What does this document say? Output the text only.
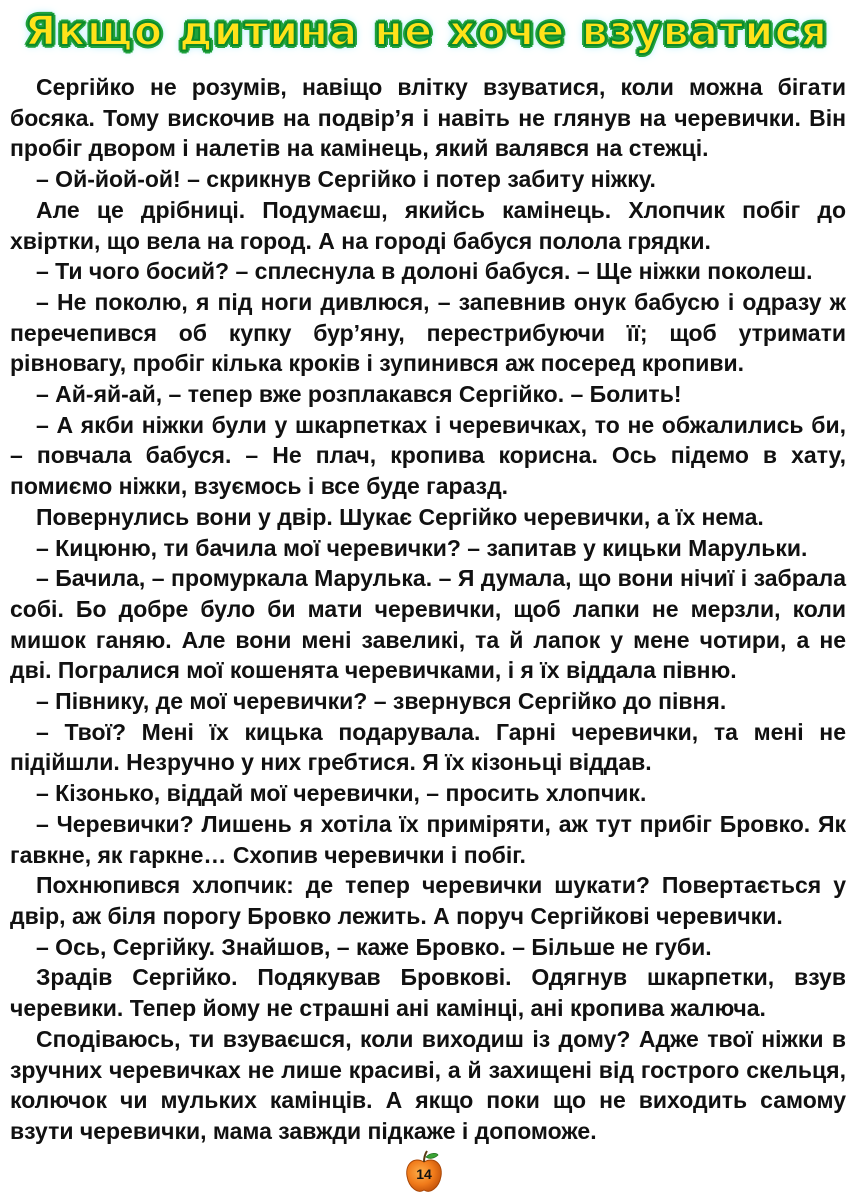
Якщо дитина не хоче взуватися

Сергійко не розумів, навіщо влітку взуватися, коли можна бігати босяка. Тому вискочив на подвір’я і навіть не глянув на черевички. Він пробіг двором і налетів на камінець, який валявся на стежці.

– Ой-йой-ой! – скрикнув Сергійко і потер забиту ніжку.

Але це дрібниці. Подумаєш, якийсь камінець. Хлопчик побіг до хвіртки, що вела на город. А на городі бабуся полола грядки.

– Ти чого босий? – сплеснула в долоні бабуся. – Ще ніжки поколеш.

– Не поколю, я під ноги дивлюся, – запевнив онук бабусю і одразу ж перечепився об купку бур’яну, перестрибуючи її; щоб утримати рівновагу, пробіг кілька кроків і зупинився аж посеред кропиви.

– Ай-яй-ай, – тепер вже розплакався Сергійко. – Болить!

– А якби ніжки були у шкарпетках і черевичках, то не обжалились би, – повчала бабуся. – Не плач, кропива корисна. Ось підемо в хату, помиємо ніжки, взуємось і все буде гаразд.

Повернулись вони у двір. Шукає Сергійко черевички, а їх нема.

– Кицюню, ти бачила мої черевички? – запитав у кицьки Марульки.

– Бачила, – промуркала Марулька. – Я думала, що вони нічиї і забрала собі. Бо добре було би мати черевички, щоб лапки не мерзли, коли мишок ганяю. Але вони мені завеликі, та й лапок у мене чотири, а не дві. Погралися мої кошенята черевичками, і я їх віддала півню.

– Півнику, де мої черевички? – звернувся Сергійко до півня.

– Твої? Мені їх кицька подарувала. Гарні черевички, та мені не підійшли. Незручно у них гребтися. Я їх кізоньці віддав.

– Кізонько, віддай мої черевички, – просить хлопчик.

– Черевички? Лишень я хотіла їх приміряти, аж тут прибіг Бровко. Як гавкне, як гаркне… Схопив черевички і побіг.

Похнюпився хлопчик: де тепер черевички шукати? Повертається у двір, аж біля порогу Бровко лежить. А поруч Сергійкові черевички.

– Ось, Сергійку. Знайшов, – каже Бровко. – Більше не губи.

Зрадів Сергійко. Подякував Бровкові. Одягнув шкарпетки, взув черевики. Тепер йому не страшні ані камінці, ані кропива жалюча.

Сподіваюсь, ти взуваєшся, коли виходиш із дому? Адже твої ніжки в зручних черевичках не лише красиві, а й захищені від гострого скельця, колючок чи мульких камінців. А якщо поки що не виходить самому взути черевички, мама завжди підкаже і допоможе.

14
